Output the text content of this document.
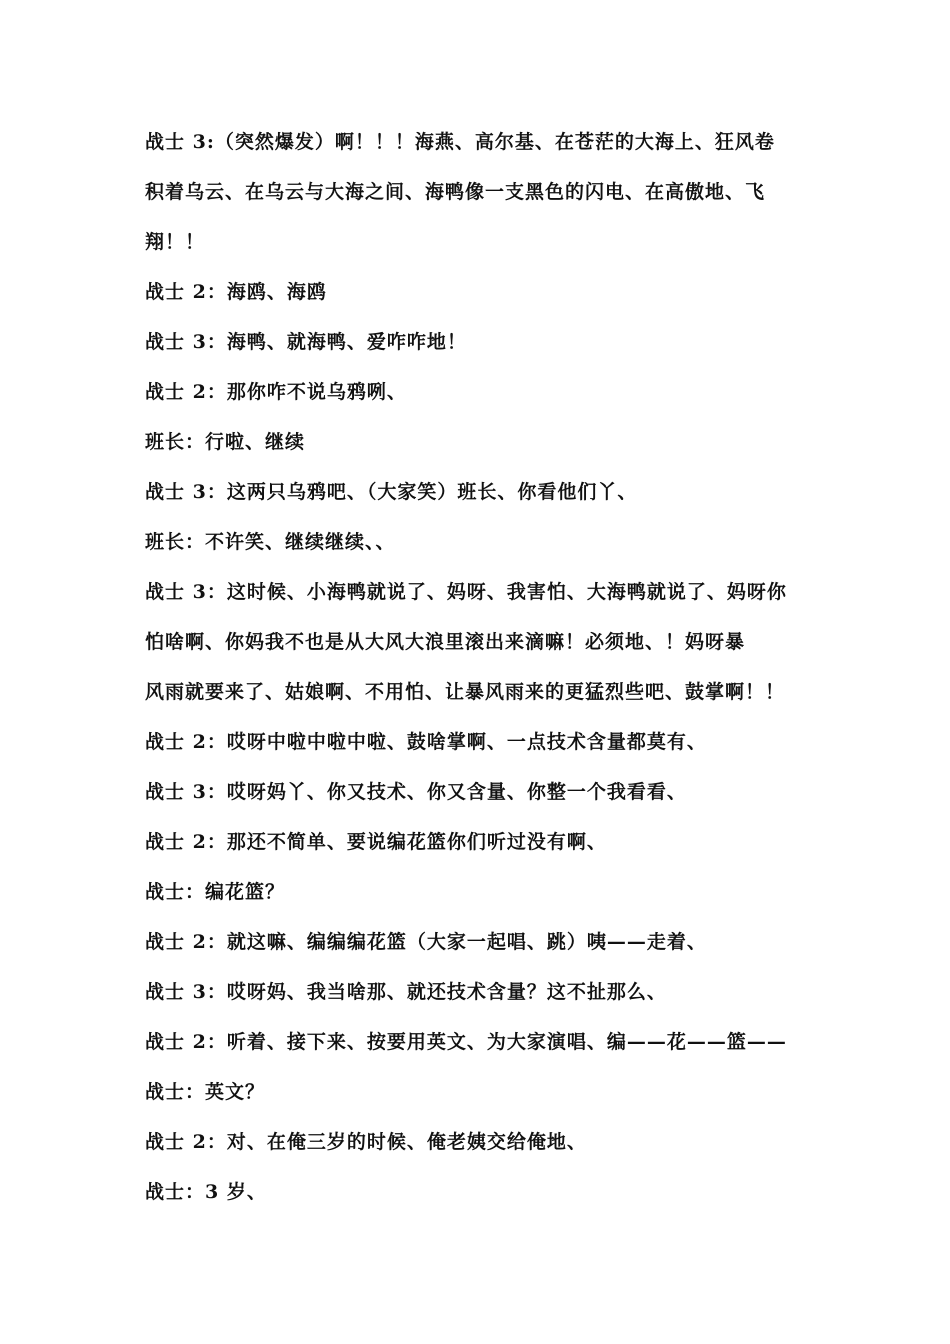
战士 3:（突然爆发）啊！！！海燕、高尔基、在苍茫的大海上、狂风卷
积着乌云、在乌云与大海之间、海鸭像一支黑色的闪电、在高傲地、飞
翔！！
战士 2：海鸥、海鸥
战士 3：海鸭、就海鸭、爱咋咋地！
战士 2：那你咋不说乌鸦咧、
班长：行啦、继续
战士 3：这两只乌鸦吧、（大家笑）班长、你看他们丫、
班长：不许笑、继续继续、、
战士 3：这时候、小海鸭就说了、妈呀、我害怕、大海鸭就说了、妈呀你
怕啥啊、你妈我不也是从大风大浪里滚出来滴嘛！必须地、！妈呀暴
风雨就要来了、姑娘啊、不用怕、让暴风雨来的更猛烈些吧、鼓掌啊！！
战士 2：哎呀中啦中啦中啦、鼓啥掌啊、一点技术含量都莫有、
战士 3：哎呀妈丫、你又技术、你又含量、你整一个我看看、
战士 2：那还不简单、要说编花篮你们听过没有啊、
战士：编花篮？
战士 2：就这嘛、编编编花篮（大家一起唱、跳）咦——走着、
战士 3：哎呀妈、我当啥那、就还技术含量？这不扯那么、
战士 2：听着、接下来、按要用英文、为大家演唱、编——花——篮——
战士：英文？
战士 2：对、在俺三岁的时候、俺老姨交给俺地、
战士：3 岁、
